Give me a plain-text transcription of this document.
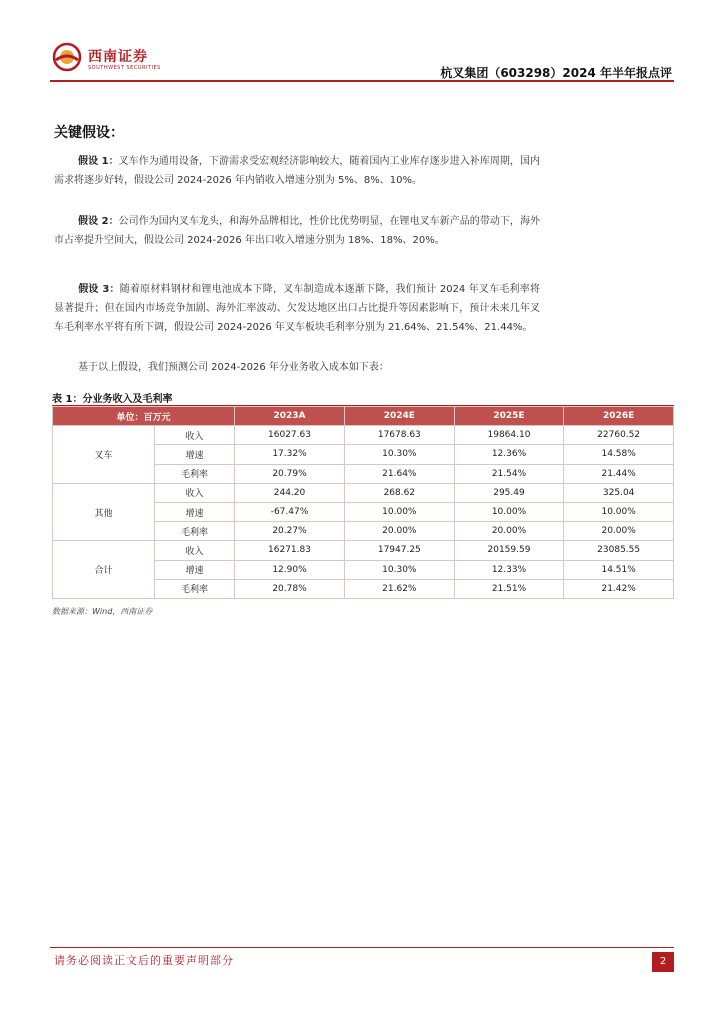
西南证券
SOUTHWEST SECURITIES	杭叉集团（603298）2024 年半年报点评
关键假设：
假设 1：叉车作为通用设备，下游需求受宏观经济影响较大，随着国内工业库存逐步进入补库周期，国内需求将逐步好转，假设公司 2024-2026 年内销收入增速分别为 5%、8%、10%。
假设 2：公司作为国内叉车龙头，和海外品牌相比，性价比优势明显，在锂电叉车新产品的带动下，海外市占率提升空间大，假设公司 2024-2026 年出口收入增速分别为 18%、18%、20%。
假设 3：随着原材料钢材和锂电池成本下降，叉车制造成本逐渐下降，我们预计 2024 年叉车毛利率将显著提升；但在国内市场竞争加剧、海外汇率波动、欠发达地区出口占比提升等因素影响下，预计未来几年叉车毛利率水平将有所下调，假设公司 2024-2026 年叉车板块毛利率分别为 21.64%、21.54%、21.44%。
基于以上假设，我们预测公司 2024-2026 年分业务收入成本如下表：
表 1：分业务收入及毛利率
单位：百万元		2023A	2024E	2025E	2026E
叉车	收入	16027.63	17678.63	19864.10	22760.52
	增速	17.32%	10.30%	12.36%	14.58%
	毛利率	20.79%	21.64%	21.54%	21.44%
其他	收入	244.20	268.62	295.49	325.04
	增速	-67.47%	10.00%	10.00%	10.00%
	毛利率	20.27%	20.00%	20.00%	20.00%
合计	收入	16271.83	17947.25	20159.59	23085.55
	增速	12.90%	10.30%	12.33%	14.51%
	毛利率	20.78%	21.62%	21.51%	21.42%
数据来源：Wind，西南证券
请务必阅读正文后的重要声明部分	2
